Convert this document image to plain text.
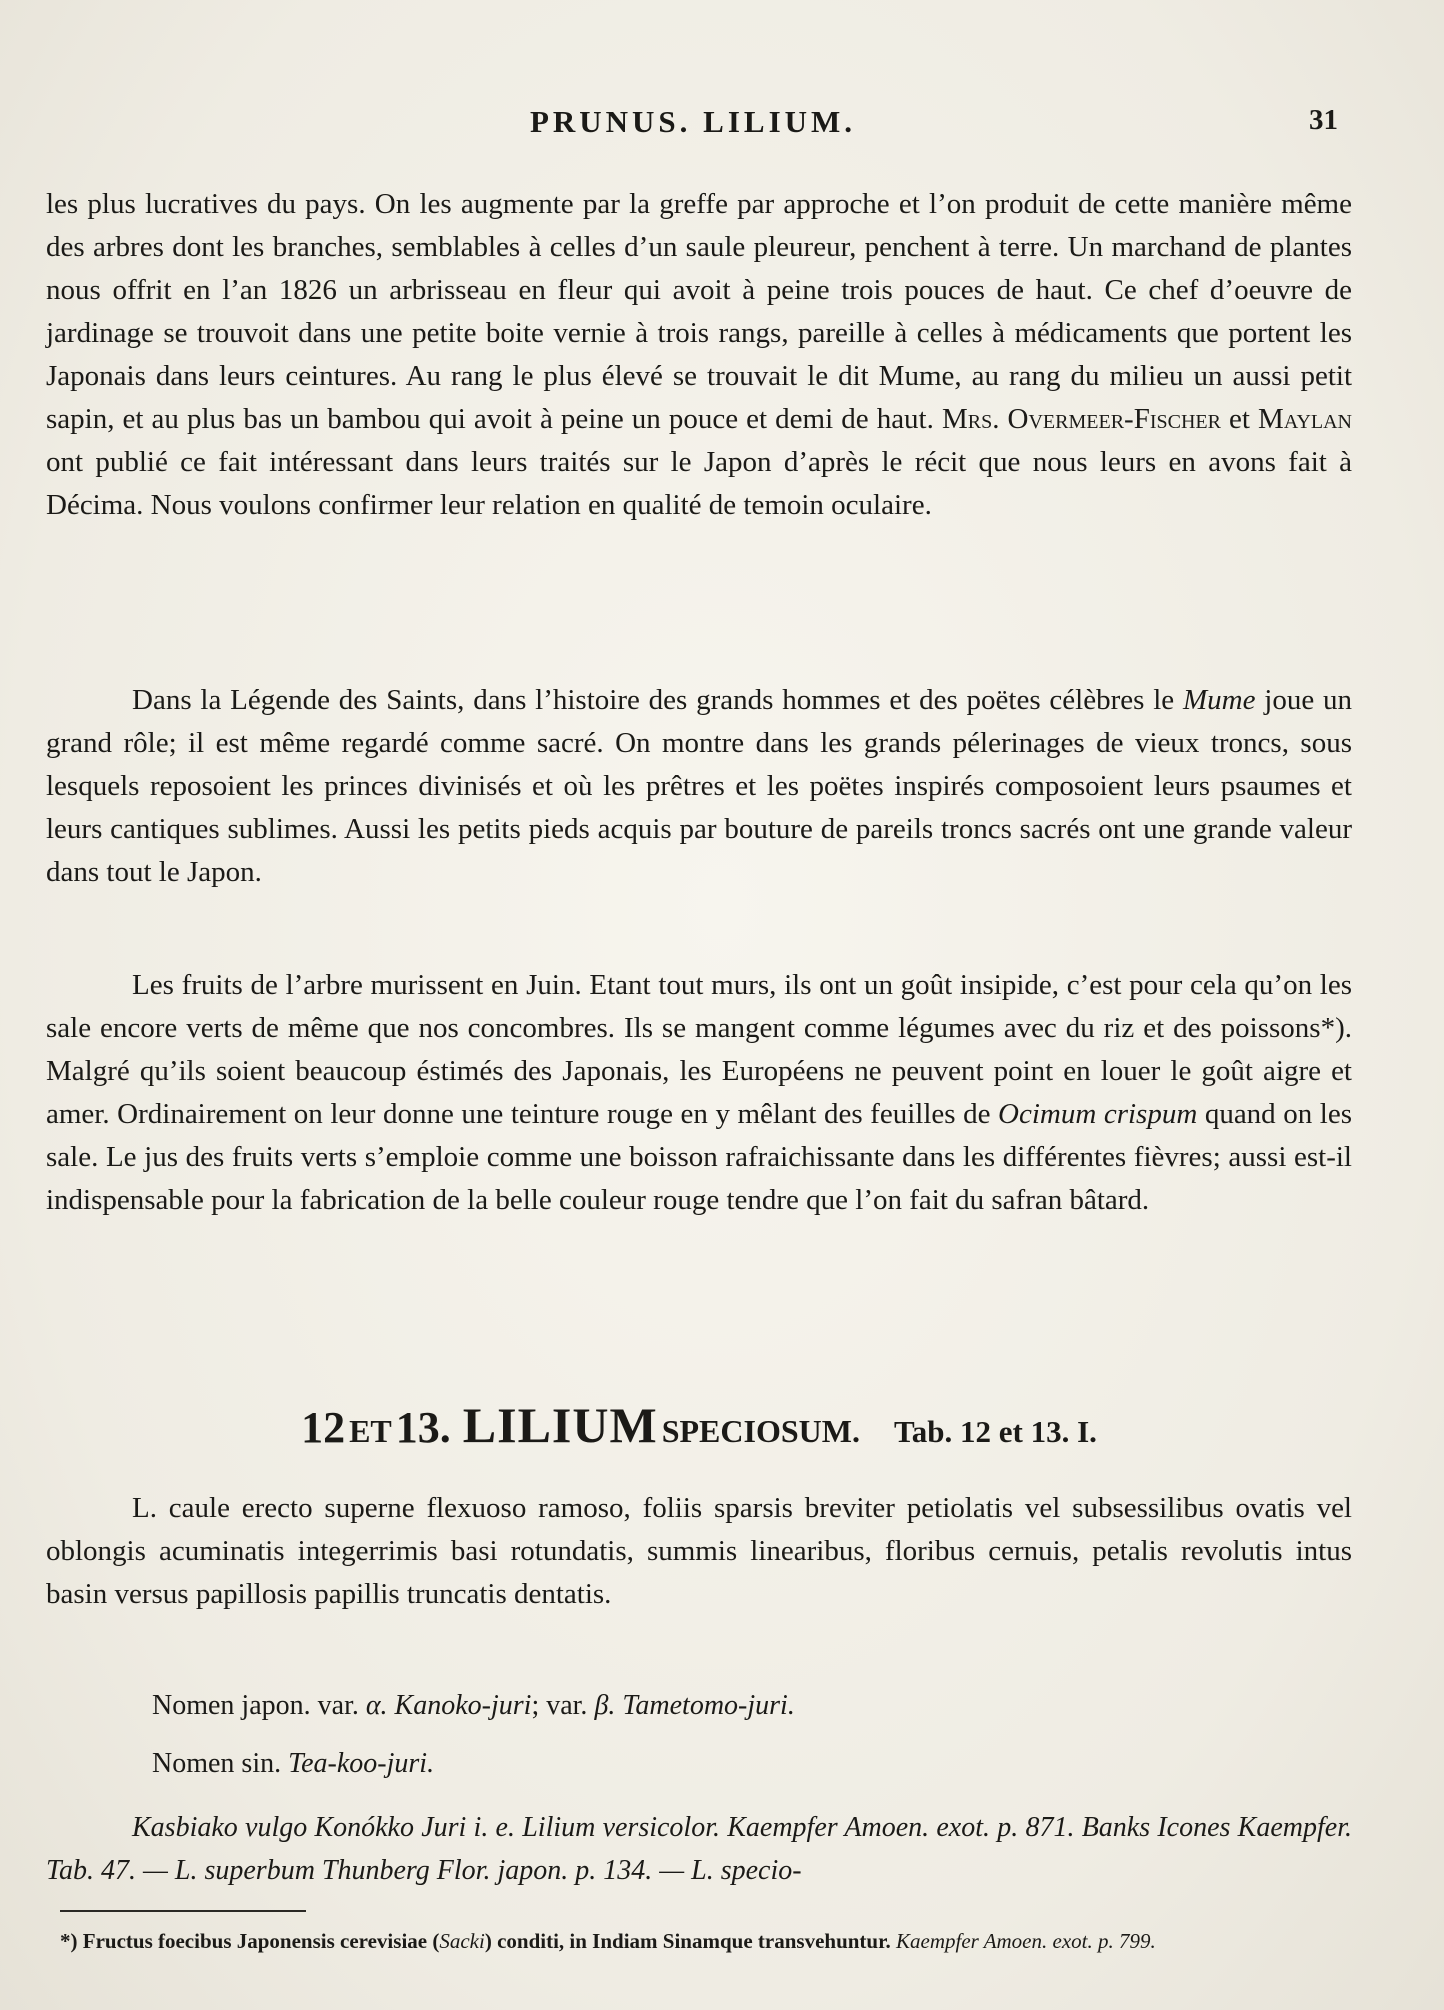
PRUNUS. LILIUM.	31

les plus lucratives du pays. On les augmente par la greffe par approche et l’on produit de cette manière même des arbres dont les branches, semblables à celles d’un saule pleureur, penchent à terre. Un marchand de plantes nous offrit en l’an 1826 un arbrisseau en fleur qui avoit à peine trois pouces de haut. Ce chef d’oeuvre de jardinage se trouvoit dans une petite boite vernie à trois rangs, pareille à celles à médicaments que portent les Japonais dans leurs ceintures. Au rang le plus élevé se trouvait le dit Mume, au rang du milieu un aussi petit sapin, et au plus bas un bambou qui avoit à peine un pouce et demi de haut. Mrs. Overmeer-Fischer et Maylan ont publié ce fait intéressant dans leurs traités sur le Japon d’après le récit que nous leurs en avons fait à Décima. Nous voulons confirmer leur relation en qualité de temoin oculaire.

Dans la Légende des Saints, dans l’histoire des grands hommes et des poëtes célèbres le Mume joue un grand rôle; il est même regardé comme sacré. On montre dans les grands pélerinages de vieux troncs, sous lesquels reposoient les princes divinisés et où les prêtres et les poëtes inspirés composoient leurs psaumes et leurs cantiques sublimes. Aussi les petits pieds acquis par bouture de pareils troncs sacrés ont une grande valeur dans tout le Japon.

Les fruits de l’arbre murissent en Juin. Etant tout murs, ils ont un goût insipide, c’est pour cela qu’on les sale encore verts de même que nos concombres. Ils se mangent comme légumes avec du riz et des poissons*). Malgré qu’ils soient beaucoup éstimés des Japonais, les Européens ne peuvent point en louer le goût aigre et amer. Ordinairement on leur donne une teinture rouge en y mêlant des feuilles de Ocimum crispum quand on les sale. Le jus des fruits verts s’emploie comme une boisson rafraichissante dans les différentes fièvres; aussi est-il indispensable pour la fabrication de la belle couleur rouge tendre que l’on fait du safran bâtard.

12 ET 13. LILIUM SPECIOSUM. Tab. 12 et 13. I.

L. caule erecto superne flexuoso ramoso, foliis sparsis breviter petiolatis vel subsessilibus ovatis vel oblongis acuminatis integerrimis basi rotundatis, summis linearibus, floribus cernuis, petalis revolutis intus basin versus papillosis papillis truncatis dentatis.

Nomen japon. var. α. Kanoko-juri; var. β. Tametomo-juri.
Nomen sin. Tea-koo-juri.
Kasbiako vulgo Konókko Juri i. e. Lilium versicolor. Kaempfer Amoen. exot. p. 871. Banks Icones Kaempfer. Tab. 47. — L. superbum Thunberg Flor. japon. p. 134. — L. specio-
*) Fructus foecibus Japonensis cerevisiae (Sacki) conditi, in Indiam Sinamque transvehuntur. Kaempfer Amoen. exot. p. 799.
